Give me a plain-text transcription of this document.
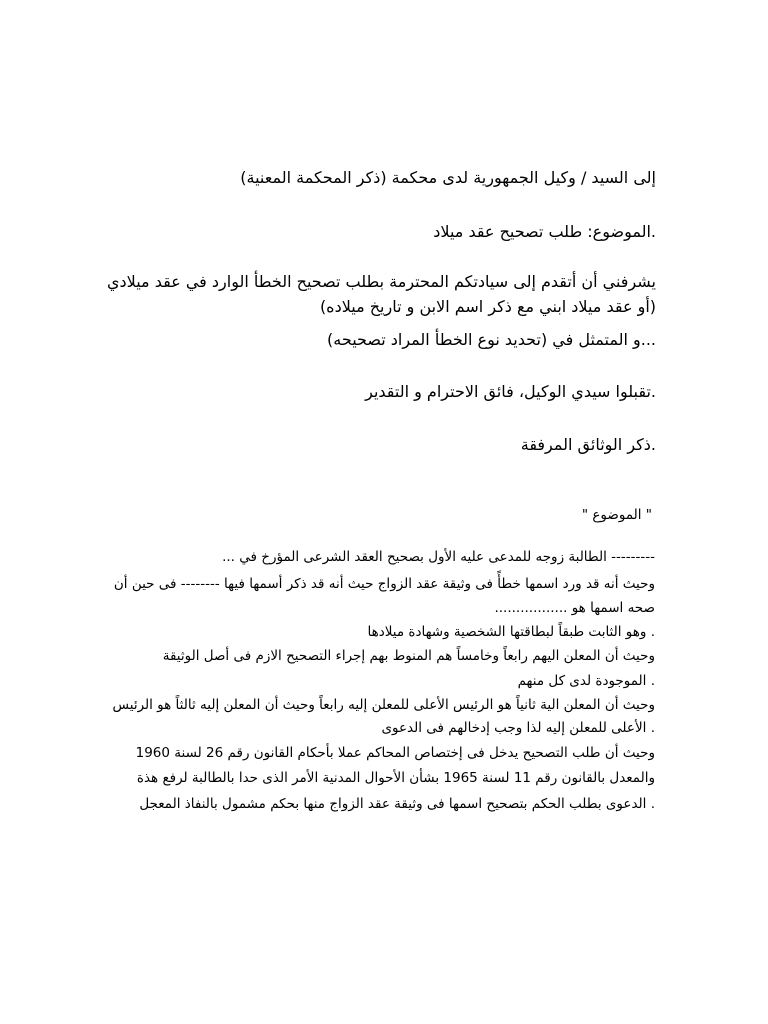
إلى السيد / وكيل الجمهورية لدى محكمة (ذكر المحكمة المعنية)
.الموضوع: طلب تصحيح عقد ميلاد
يشرفني أن أتقدم إلى سيادتكم المحترمة بطلب تصحيح الخطأ الوارد في عقد ميلادي
(أو عقد ميلاد ابني مع ذكر اسم الابن و تاريخ ميلاده)
...و المتمثل في (تحديد نوع الخطأ المراد تصحيحه)
.تقبلوا سيدي الوكيل، فائق الاحترام و التقدير
.ذكر الوثائق المرفقة
" الموضوع "
--------- الطالبة زوجه للمدعى عليه الأول بصحيح العقد الشرعى المؤرخ في ...
وحيث أنه قد ورد اسمها خطأً فى وثيقة عقد الزواج حيث أنه قد ذكر أسمها فيها -------- فى حين أن
صحه اسمها هو .................
. وهو الثابت طبقاً لبطاقتها الشخصية وشهادة ميلادها
وحيث أن المعلن اليهم رابعاً وخامساً هم المنوط بهم إجراء التصحيح الازم فى أصل الوثيقة
. الموجودة لدى كل منهم
وحيث أن المعلن الية ثانياً هو الرئيس الأعلى للمعلن إليه رابعاً وحيث أن المعلن إليه ثالثاً هو الرئيس
. الأعلى للمعلن إليه لذا وجب إدخالهم فى الدعوى
وحيث أن طلب التصحيح يدخل فى إختصاص المحاكم عملا بأحكام القانون رقم 26 لسنة 1960
والمعدل بالقانون رقم 11 لسنة 1965 بشأن الأحوال المدنية الأمر الذى حدا بالطالبة لرفع هذة
. الدعوى بطلب الحكم بتصحيح اسمها فى وثيقة عقد الزواج منها بحكم مشمول بالنفاذ المعجل
